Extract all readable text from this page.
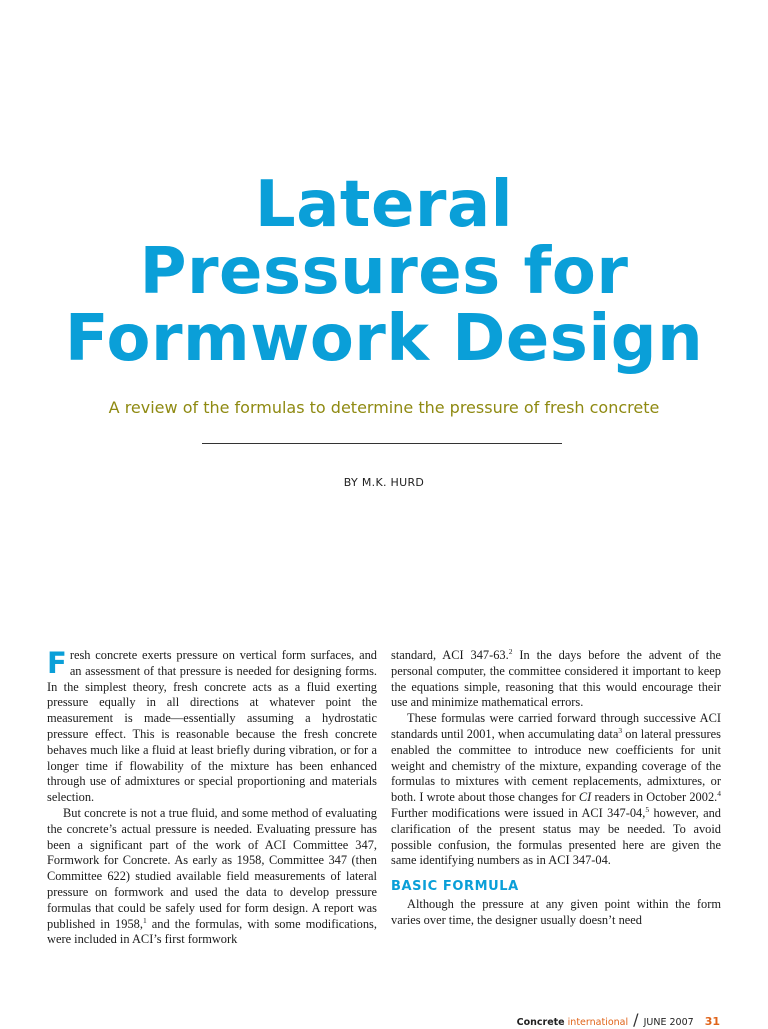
Lateral
Pressures for
Formwork Design
A review of the formulas to determine the pressure of fresh concrete
BY M.K. HURD

Fresh concrete exerts pressure on vertical form surfaces, and an assessment of that pressure is needed for designing forms. In the simplest theory, fresh concrete acts as a fluid exerting pressure equally in all directions at whatever point the measurement is made—essentially assuming a hydrostatic pressure effect. This is reasonable because the fresh concrete behaves much like a fluid at least briefly during vibration, or for a longer time if flowability of the mixture has been enhanced through use of admixtures or special proportioning and materials selection.

But concrete is not a true fluid, and some method of evaluating the concrete’s actual pressure is needed. Evaluating pressure has been a significant part of the work of ACI Committee 347, Formwork for Concrete. As early as 1958, Committee 347 (then Committee 622) studied available field measurements of lateral pressure on formwork and used the data to develop pressure formulas that could be safely used for form design. A report was published in 1958,$^1$ and the formulas, with some modifications, were included in ACI’s first formwork

standard, ACI 347-63.$^2$ In the days before the advent of the personal computer, the committee considered it important to keep the equations simple, reasoning that this would encourage their use and minimize mathematical errors.

These formulas were carried forward through successive ACI standards until 2001, when accumulating data$^3$ on lateral pressures enabled the committee to introduce new coefficients for unit weight and chemistry of the mixture, expanding coverage of the formulas to mixtures with cement replacements, admixtures, or both. I wrote about those changes for CI readers in October 2002.$^4$ Further modifications were issued in ACI 347-04,$^5$ however, and clarification of the present status may be needed. To avoid possible confusion, the formulas presented here are given the same identifying numbers as in ACI 347-04.

BASIC FORMULA

Although the pressure at any given point within the form varies over time, the designer usually doesn’t need

Concrete international / JUNE 2007 31
